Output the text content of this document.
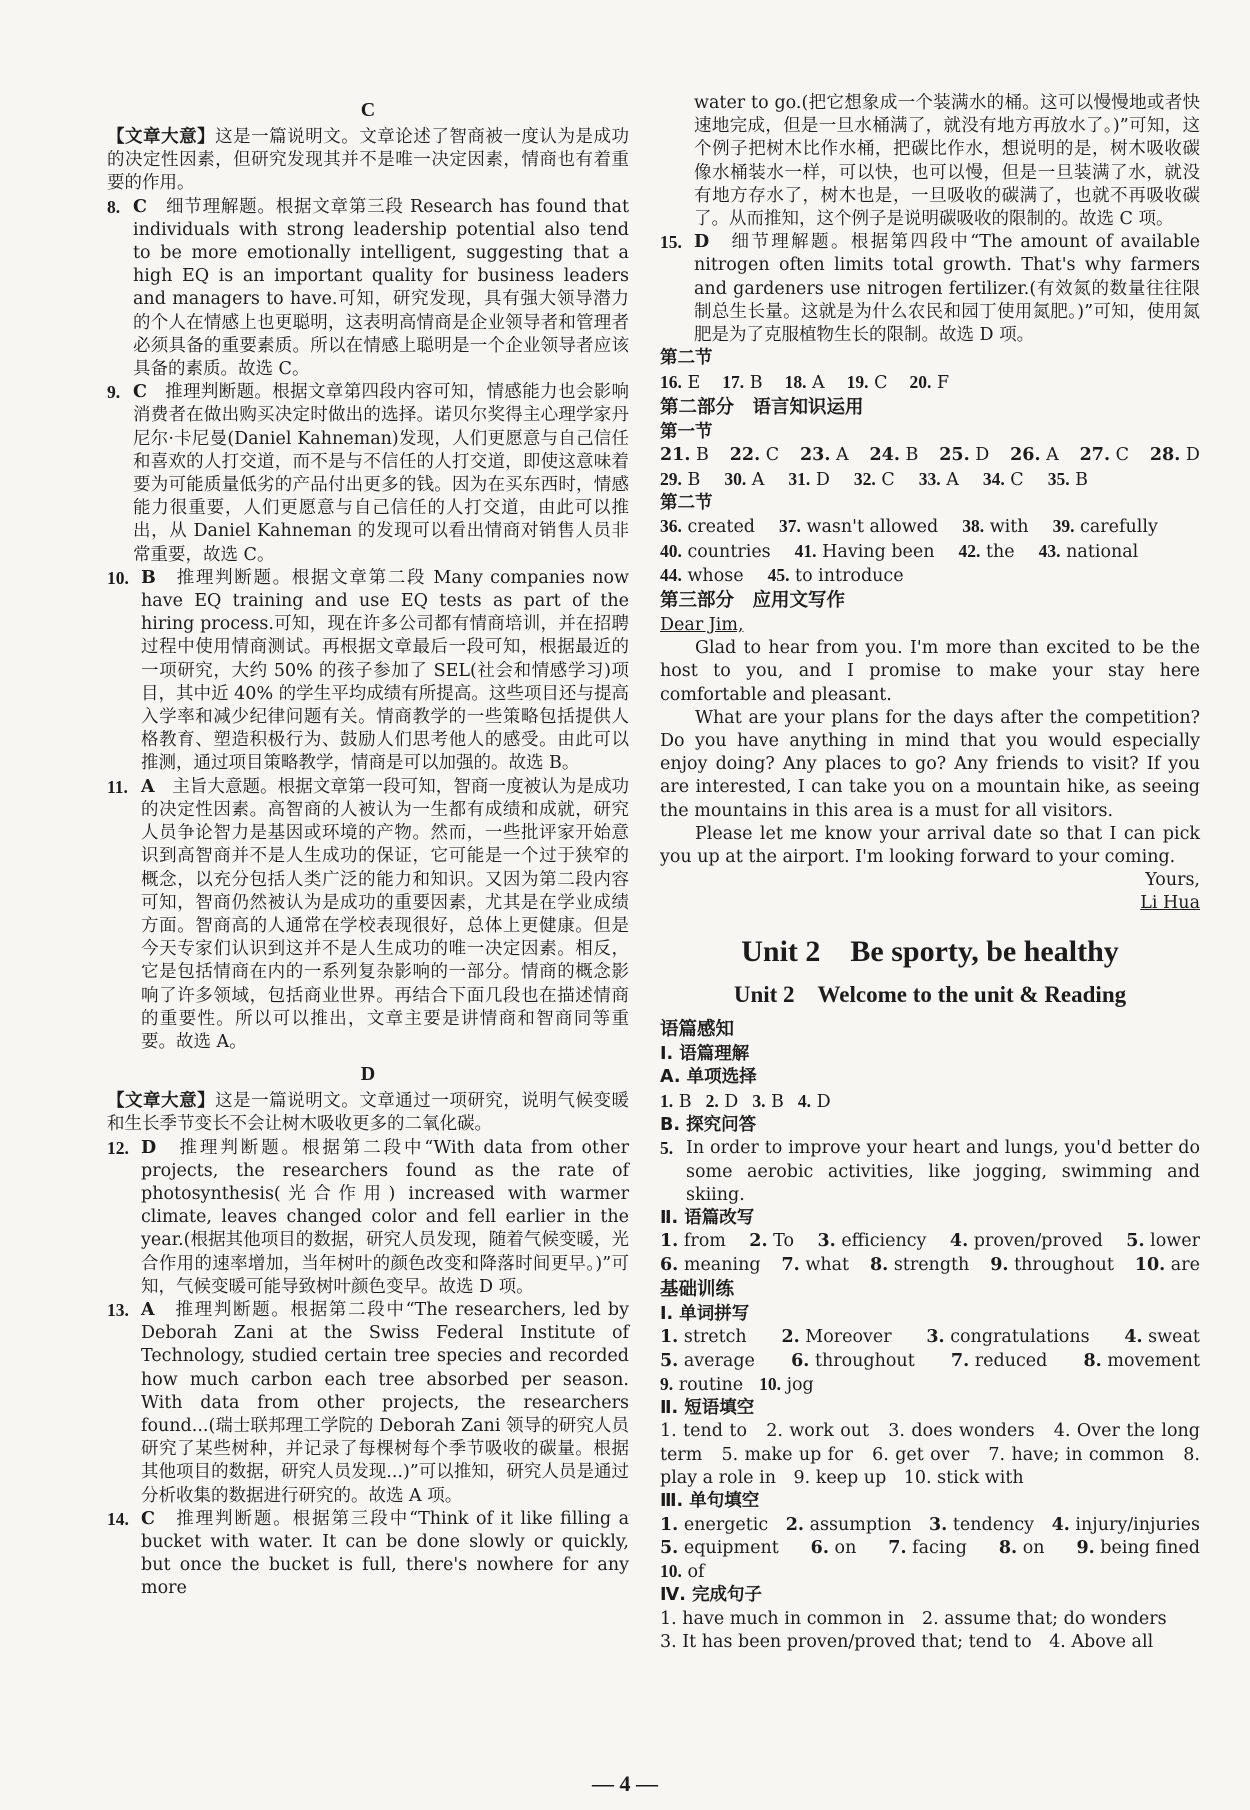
C

【文章大意】这是一篇说明文。文章论述了智商被一度认为是成功的决定性因素，但研究发现其并不是唯一决定因素，情商也有着重要的作用。

8. C　 细节理解题。根据文章第三段 Research has found that individuals with strong leadership potential also tend to be more emotionally intelligent, suggesting that a high EQ is an important quality for business leaders and managers to have.可知，研究发现，具有强大领导潜力的个人在情感上也更聪明，这表明高情商是企业领导者和管理者必须具备的重要素质。所以在情感上聪明是一个企业领导者应该具备的素质。故选 C。

9. C　 推理判断题。根据文章第四段内容可知，情感能力也会影响消费者在做出购买决定时做出的选择。诺贝尔奖得主心理学家丹尼尔·卡尼曼(Daniel Kahneman)发现，人们更愿意与自己信任和喜欢的人打交道，而不是与不信任的人打交道，即使这意味着要为可能质量低劣的产品付出更多的钱。因为在买东西时，情感能力很重要，人们更愿意与自己信任的人打交道，由此可以推出，从 Daniel Kahneman 的发现可以看出情商对销售人员非常重要，故选 C。

10. B　 推理判断题。根据文章第二段 Many companies now have EQ training and use EQ tests as part of the hiring process.可知，现在许多公司都有情商培训，并在招聘过程中使用情商测试。再根据文章最后一段可知，根据最近的一项研究，大约 50% 的孩子参加了 SEL(社会和情感学习)项目，其中近 40% 的学生平均成绩有所提高。这些项目还与提高入学率和减少纪律问题有关。情商教学的一些策略包括提供人格教育、塑造积极行为、鼓励人们思考他人的感受。由此可以推测，通过项目策略教学，情商是可以加强的。故选 B。

11. A　 主旨大意题。根据文章第一段可知，智商一度被认为是成功的决定性因素。高智商的人被认为一生都有成绩和成就，研究人员争论智力是基因或环境的产物。然而，一些批评家开始意识到高智商并不是人生成功的保证，它可能是一个过于狭窄的概念，以充分包括人类广泛的能力和知识。又因为第二段内容可知，智商仍然被认为是成功的重要因素，尤其是在学业成绩方面。智商高的人通常在学校表现很好，总体上更健康。但是今天专家们认识到这并不是人生成功的唯一决定因素。相反，它是包括情商在内的一系列复杂影响的一部分。情商的概念影响了许多领域，包括商业世界。再结合下面几段也在描述情商的重要性。所以可以推出，文章主要是讲情商和智商同等重要。故选 A。

D

【文章大意】这是一篇说明文。文章通过一项研究，说明气候变暖和生长季节变长不会让树木吸收更多的二氧化碳。

12. D　 推理判断题。根据第二段中“With data from other projects, the researchers found as the rate of photosynthesis(光合作用) increased with warmer climate, leaves changed color and fell earlier in the year.(根据其他项目的数据，研究人员发现，随着气候变暖，光合作用的速率增加，当年树叶的颜色改变和降落时间更早。)”可知，气候变暖可能导致树叶颜色变早。故选 D 项。

13. A　 推理判断题。根据第二段中“The researchers, led by Deborah Zani at the Swiss Federal Institute of Technology, studied certain tree species and recorded how much carbon each tree absorbed per season. With data from other projects, the researchers found...(瑞士联邦理工学院的 Deborah Zani 领导的研究人员研究了某些树种，并记录了每棵树每个季节吸收的碳量。根据其他项目的数据，研究人员发现...)”可以推知，研究人员是通过分析收集的数据进行研究的。故选 A 项。

14. C　 推理判断题。根据第三段中“Think of it like filling a bucket with water. It can be done slowly or quickly, but once the bucket is full, there's nowhere for any more

water to go.(把它想象成一个装满水的桶。这可以慢慢地或者快速地完成，但是一旦水桶满了，就没有地方再放水了。)”可知，这个例子把树木比作水桶，把碳比作水，想说明的是，树木吸收碳像水桶装水一样，可以快，也可以慢，但是一旦装满了水，就没有地方存水了，树木也是，一旦吸收的碳满了，也就不再吸收碳了。从而推知，这个例子是说明碳吸收的限制的。故选 C 项。

15. D　 细节理解题。根据第四段中“The amount of available nitrogen often limits total growth. That's why farmers and gardeners use nitrogen fertilizer.(有效氮的数量往往限制总生长量。这就是为什么农民和园丁使用氮肥。)”可知，使用氮肥是为了克服植物生长的限制。故选 D 项。

第二节
16. E 17. B 18. A 19. C 20. F
第二部分　语言知识运用
第一节
21. B 22. C 23. A 24. B 25. D 26. A 27. C 28. D
29. B 30. A 31. D 32. C 33. A 34. C 35. B
第二节
36. created 37. wasn't allowed 38. with 39. carefully
40. countries 41. Having been 42. the 43. national
44. whose 45. to introduce
第三部分　应用文写作

Dear Jim,

Glad to hear from you. I'm more than excited to be the host to you, and I promise to make your stay here comfortable and pleasant.

What are your plans for the days after the competition? Do you have anything in mind that you would especially enjoy doing? Any places to go? Any friends to visit? If you are interested, I can take you on a mountain hike, as seeing the mountains in this area is a must for all visitors.

Please let me know your arrival date so that I can pick you up at the airport. I'm looking forward to your coming.

Yours,

Li Hua

Unit 2　Be sporty, be healthy
Unit 2　Welcome to the unit & Reading
语篇感知
Ⅰ. 语篇理解
A. 单项选择
1. B 2. D 3. B 4. D
B. 探究问答

5. In order to improve your heart and lungs, you'd better do some aerobic activities, like jogging, swimming and skiing.

Ⅱ. 语篇改写
1. from 2. To 3. efficiency 4. proven/proved 5. lower
6. meaning 7. what 8. strength 9. throughout 10. are
基础训练
Ⅰ. 单词拼写
1. stretch 2. Moreover 3. congratulations 4. sweat
5. average 6. throughout 7. reduced 8. movement
9. routine 10. jog
Ⅱ. 短语填空

1. tend to　2. work out　3. does wonders　4. Over the long term　5. make up for　6. get over　7. have; in common　8. play a role in　9. keep up　10. stick with

Ⅲ. 单句填空
1. energetic 2. assumption 3. tendency 4. injury/injuries
5. equipment 6. on 7. facing 8. on 9. being fined
10. of
Ⅳ. 完成句子

1. have much in common in　2. assume that; do wonders

3. It has been proven/proved that; tend to　4. Above all

— 4 —
